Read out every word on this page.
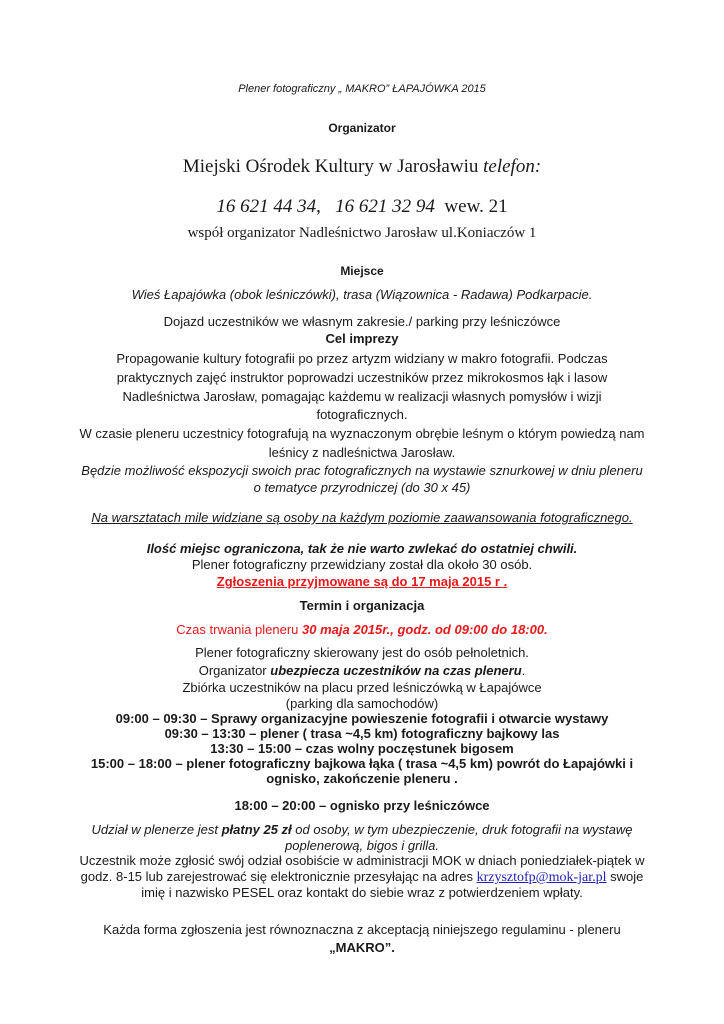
Plener fotograficzny „ MAKRO” ŁAPAJÓWKA 2015
Organizator
Miejski Ośrodek Kultury w Jarosławiu telefon:
16 621 44 34, 16 621 32 94 wew. 21
współ organizator Nadleśnictwo Jarosław ul.Koniaczów 1
Miejsce
Wieś Łapajówka (obok leśniczówki), trasa (Wiązownica - Radawa) Podkarpacie.
Dojazd uczestników we własnym zakresie./ parking przy leśniczówce
Cel imprezy
Propagowanie kultury fotografii po przez artyzm widziany w makro fotografii. Podczas
praktycznych zajęć instruktor poprowadzi uczestników przez mikrokosmos łąk i lasow
Nadleśnictwa Jarosław, pomagając każdemu w realizacji własnych pomysłów i wizji
fotograficznych.
W czasie pleneru uczestnicy fotografują na wyznaczonym obrębie leśnym o którym powiedzą nam
leśnicy z nadleśnictwa Jarosław.
Będzie możliwość ekspozycji swoich prac fotograficznych na wystawie sznurkowej w dniu pleneru
o tematyce przyrodniczej (do 30 x 45)
Na warsztatach mile widziane są osoby na każdym poziomie zaawansowania fotograficznego.
Ilość miejsc ograniczona, tak że nie warto zwlekać do ostatniej chwili.
Plener fotograficzny przewidziany został dla około 30 osób.
Zgłoszenia przyjmowane są do 17 maja 2015 r .
Termin i organizacja
Czas trwania pleneru 30 maja 2015r., godz. od 09:00 do 18:00.
Plener fotograficzny skierowany jest do osób pełnoletnich.
Organizator ubezpiecza uczestników na czas pleneru.
Zbiórka uczestników na placu przed leśniczówką w Łapajówce
(parking dla samochodów)
09:00 – 09:30 – Sprawy organizacyjne powieszenie fotografii i otwarcie wystawy
09:30 – 13:30 – plener ( trasa ~4,5 km) fotograficzny bajkowy las
13:30 – 15:00 – czas wolny poczęstunek bigosem
15:00 – 18:00 – plener fotograficzny bajkowa łąka ( trasa ~4,5 km) powrót do Łapajówki i
ognisko, zakończenie pleneru .
18:00 – 20:00 – ognisko przy leśniczówce
Udział w plenerze jest płatny 25 zł od osoby, w tym ubezpieczenie, druk fotografii na wystawę
poplenerową, bigos i grilla.
Uczestnik może zgłosić swój odział osobiście w administracji MOK w dniach poniedziałek-piątek w
godz. 8-15 lub zarejestrować się elektronicznie przesyłając na adres krzysztofp@mok-jar.pl swoje
imię i nazwisko PESEL oraz kontakt do siebie wraz z potwierdzeniem wpłaty.
Każda forma zgłoszenia jest równoznaczna z akceptacją niniejszego regulaminu - pleneru
„MAKRO”.
